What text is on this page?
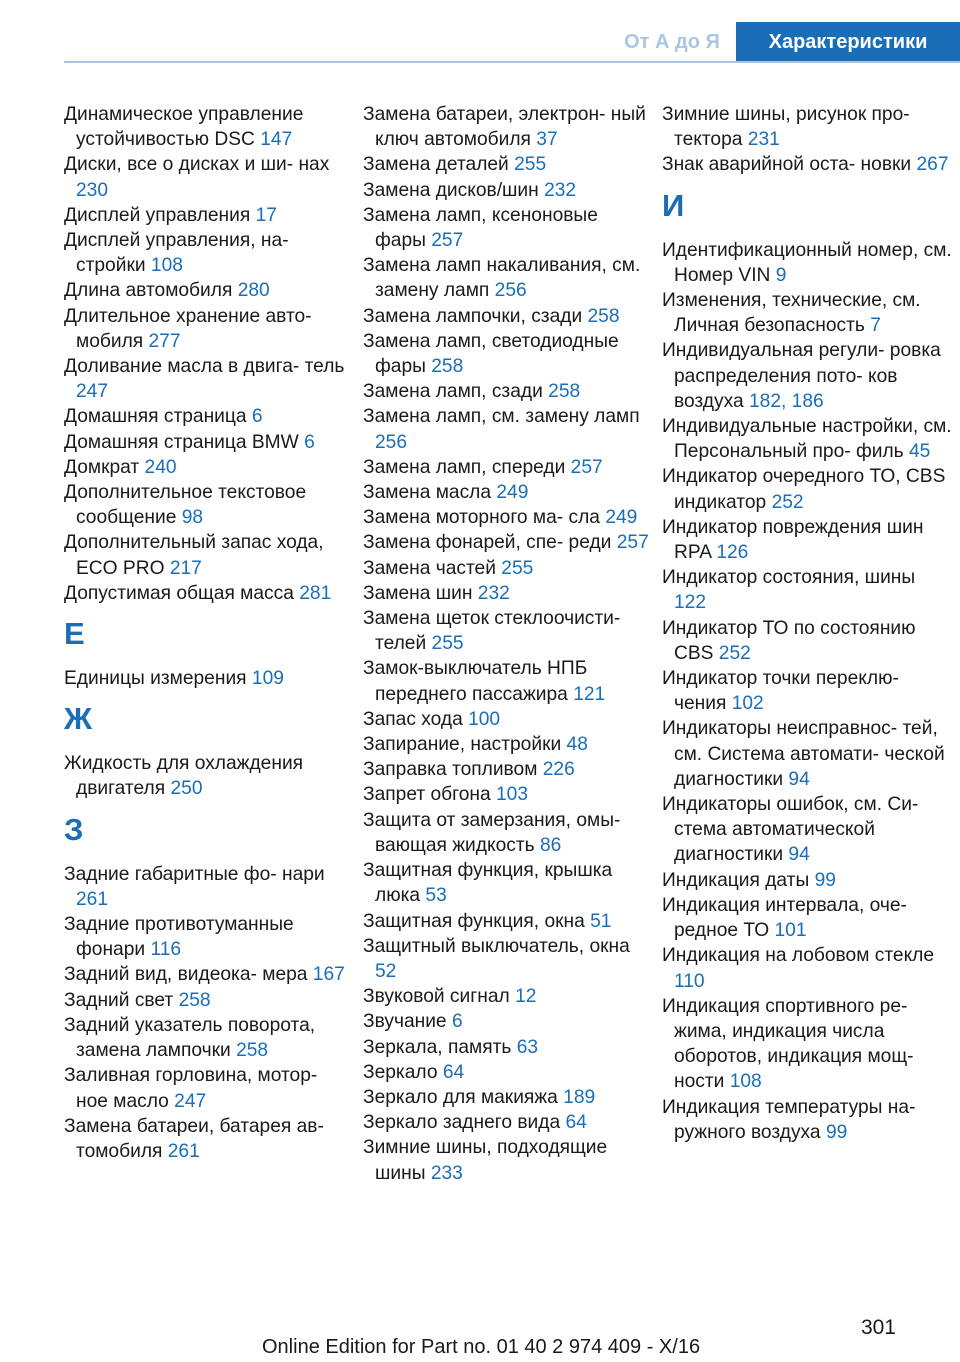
От А до Я	Характеристики

Динамическое управление устойчивостью DSC 147

Диски, все о дисках и ши- нах 230

Дисплей управления 17

Дисплей управления, на- стройки 108

Длина автомобиля 280

Длительное хранение авто- мобиля 277

Доливание масла в двига- тель 247

Домашняя страница 6

Домашняя страница BMW 6

Домкрат 240

Дополнительное текстовое сообщение 98

Дополнительный запас хода, ECO PRO 217

Допустимая общая масса 281

Е

Единицы измерения 109

Ж

Жидкость для охлаждения двигателя 250

З

Задние габаритные фо- нари 261

Задние противотуманные фонари 116

Задний вид, видеока- мера 167

Задний свет 258

Задний указатель поворота, замена лампочки 258

Заливная горловина, мотор- ное масло 247

Замена батареи, батарея ав- томобиля 261

Замена батареи, электрон- ный ключ автомобиля 37

Замена деталей 255

Замена дисков/шин 232

Замена ламп, ксеноновые фары 257

Замена ламп накаливания, см. замену ламп 256

Замена лампочки, сзади 258

Замена ламп, светодиодные фары 258

Замена ламп, сзади 258

Замена ламп, см. замену ламп 256

Замена ламп, спереди 257

Замена масла 249

Замена моторного ма- сла 249

Замена фонарей, спе- реди 257

Замена частей 255

Замена шин 232

Замена щеток стеклоочисти- телей 255

Замок-выключатель НПБ переднего пассажира 121

Запас хода 100

Запирание, настройки 48

Заправка топливом 226

Запрет обгона 103

Защита от замерзания, омы- вающая жидкость 86

Защитная функция, крышка люка 53

Защитная функция, окна 51

Защитный выключатель, окна 52

Звуковой сигнал 12

Звучание 6

Зеркала, память 63

Зеркало 64

Зеркало для макияжа 189

Зеркало заднего вида 64

Зимние шины, подходящие шины 233

Зимние шины, рисунок про- тектора 231

Знак аварийной оста- новки 267

И

Идентификационный номер, см. Номер VIN 9

Изменения, технические, см. Личная безопасность 7

Индивидуальная регули- ровка распределения пото- ков воздуха 182, 186

Индивидуальные настройки, см. Персональный про- филь 45

Индикатор очередного ТО, CBS индикатор 252

Индикатор повреждения шин RPA 126

Индикатор состояния, шины 122

Индикатор ТО по состоянию CBS 252

Индикатор точки переклю- чения 102

Индикаторы неисправнос- тей, см. Система автомати- ческой диагностики 94

Индикаторы ошибок, см. Си- стема автоматической диагностики 94

Индикация даты 99

Индикация интервала, оче- редное ТО 101

Индикация на лобовом стекле 110

Индикация спортивного ре- жима, индикация числа оборотов, индикация мощ- ности 108

Индикация температуры на- ружного воздуха 99

301
Online Edition for Part no. 01 40 2 974 409 - X/16
